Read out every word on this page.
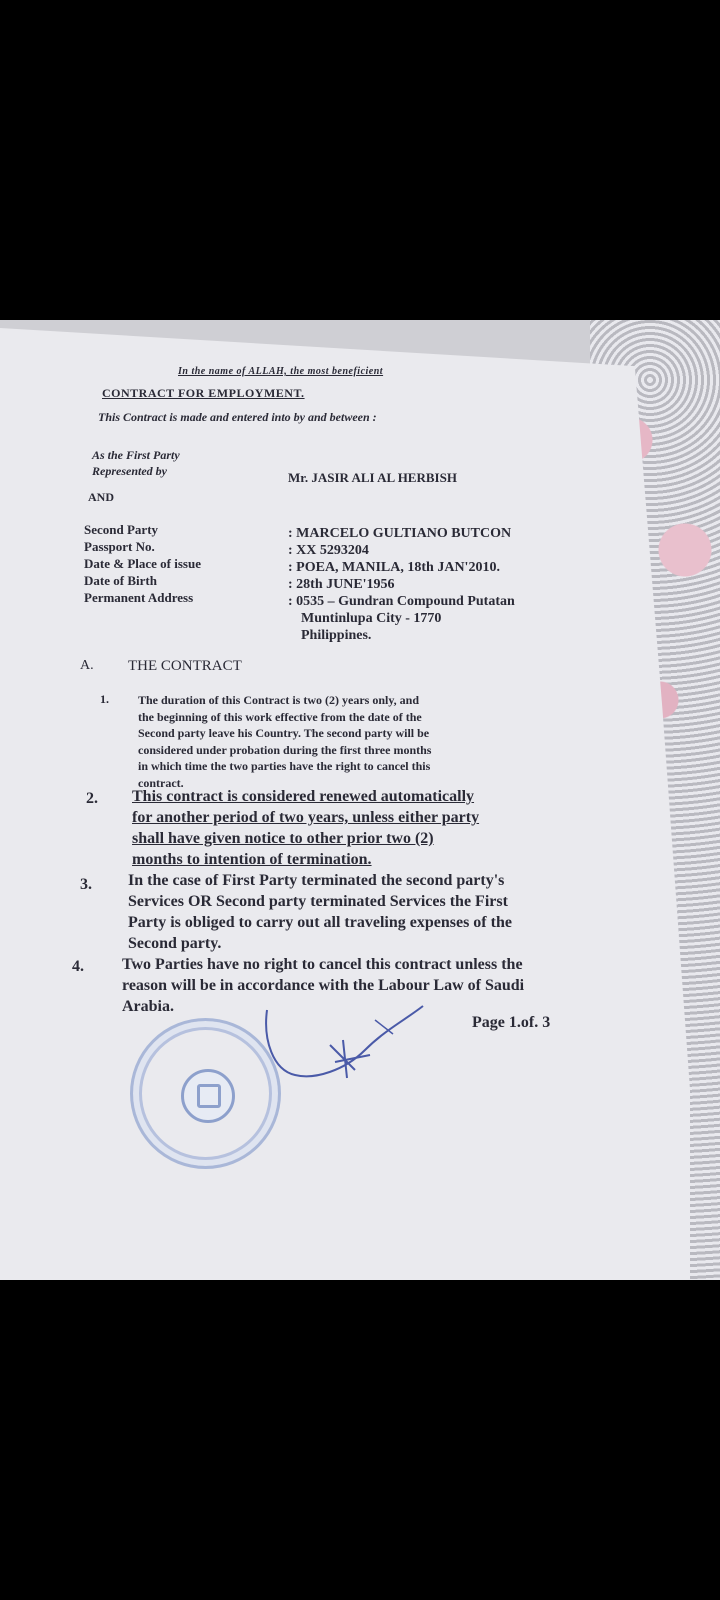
In the name of ALLAH, the most beneficient
CONTRACT FOR EMPLOYMENT.
This Contract is made and entered into by and between :
As the First Party
Represented by	Mr. JASIR ALI AL HERBISH
AND
Second Party
Passport No.
Date & Place of issue
Date of Birth
Permanent Address
: MARCELO GULTIANO BUTCON
: XX 5293204
: POEA, MANILA, 18th JAN'2010.
: 28th JUNE'1956
: 0535 – Gundran Compound Putatan
Muntinlupa City - 1770
Philippines.
A. THE CONTRACT
1. The duration of this Contract is two (2) years only, and
the beginning of this work effective from the date of the
Second party leave his Country. The second party will be
considered under probation during the first three months
in which time the two parties have the right to cancel this
contract.
2. This contract is considered renewed automatically
for another period of two years, unless either party
shall have given notice to other prior two (2)
months to intention of termination.
3. In the case of First Party terminated the second party's
Services OR Second party terminated Services the First
Party is obliged to carry out all traveling expenses of the
Second party.
4. Two Parties have no right to cancel this contract unless the
reason will be in accordance with the Labour Law of Saudi
Arabia.
Page 1.of. 3
